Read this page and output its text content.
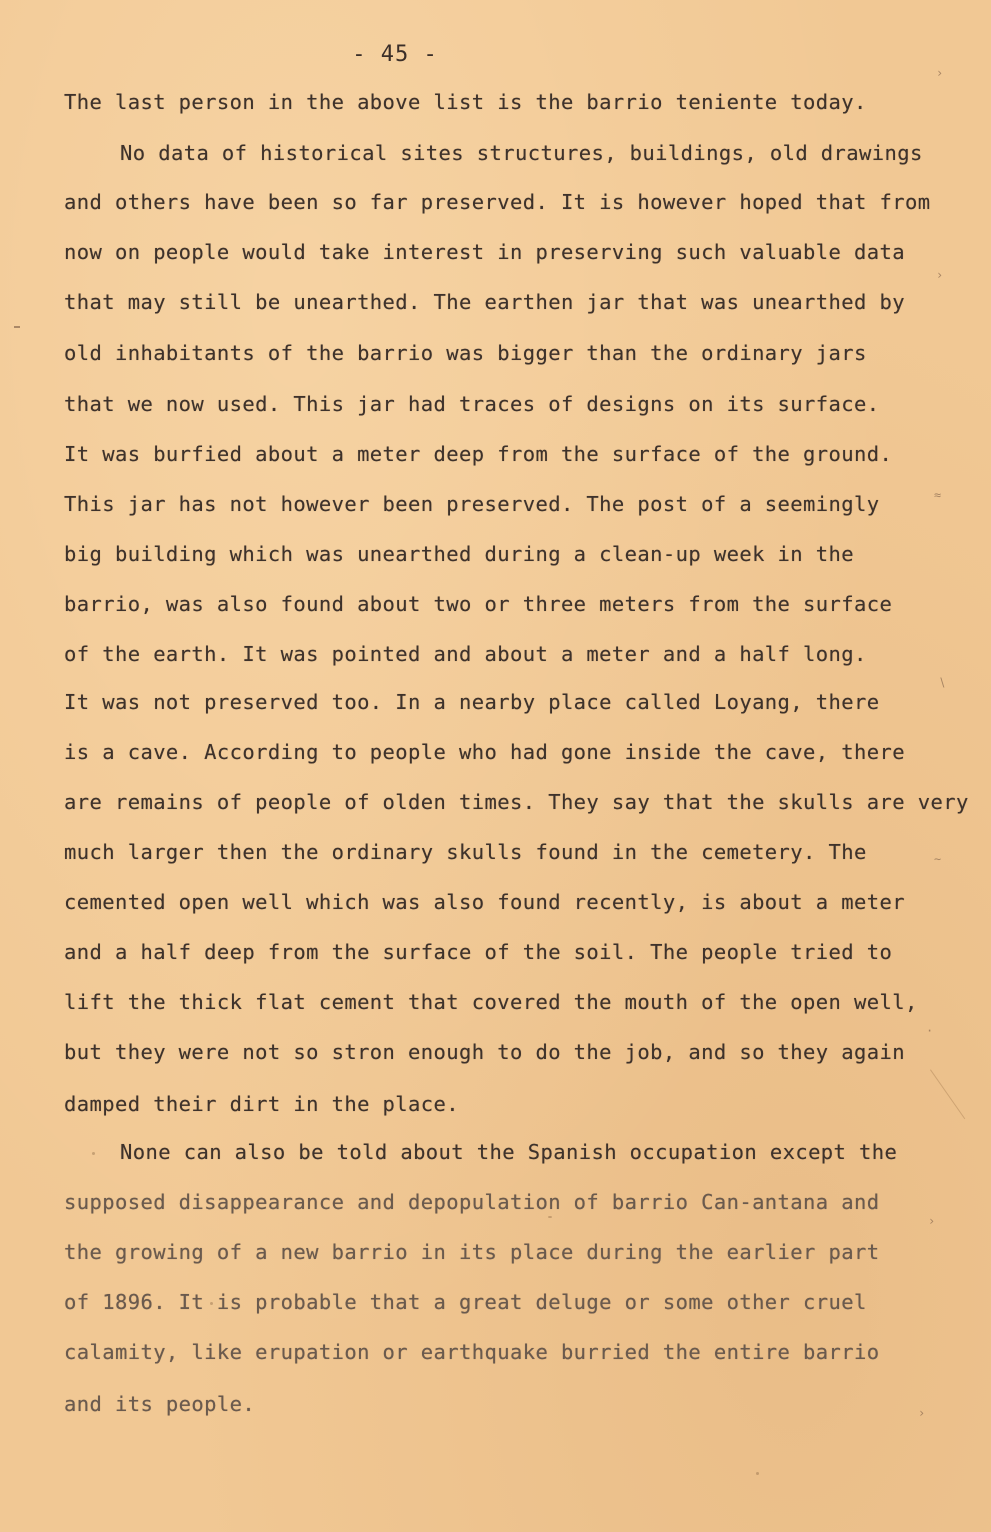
- 45 -
The last person in the above list is the barrio teniente today.
No data of historical sites structures, buildings, old drawings
and others have been so far preserved. It is however hoped that from
now on people would take interest in preserving such valuable data
that may still be unearthed. The earthen jar that was unearthed by
old inhabitants of the barrio was bigger than the ordinary jars
that we now used. This jar had traces of designs on its surface.
It was burfied about a meter deep from the surface of the ground.
This jar has not however been preserved. The post of a seemingly
big building which was unearthed during a clean-up week in the
barrio, was also found about two or three meters from the surface
of the earth. It was pointed and about a meter and a half long.
It was not preserved too. In a nearby place called Loyang, there
is a cave. According to people who had gone inside the cave, there
are remains of people of olden times. They say that the skulls are very
much larger then the ordinary skulls found in the cemetery. The
cemented open well which was also found recently, is about a meter
and a half deep from the surface of the soil. The people tried to
lift the thick flat cement that covered the mouth of the open well,
but they were not so stron enough to do the job, and so they again
damped their dirt in the place.
None can also be told about the Spanish occupation except the
supposed disappearance and depopulation of barrio Can-antana and
the growing of a new barrio in its place during the earlier part
of 1896. It is probable that a great deluge or some other cruel
calamity, like erupation or earthquake burried the entire barrio
and its people.
›
›
≈
∖
∼
·
›
›
